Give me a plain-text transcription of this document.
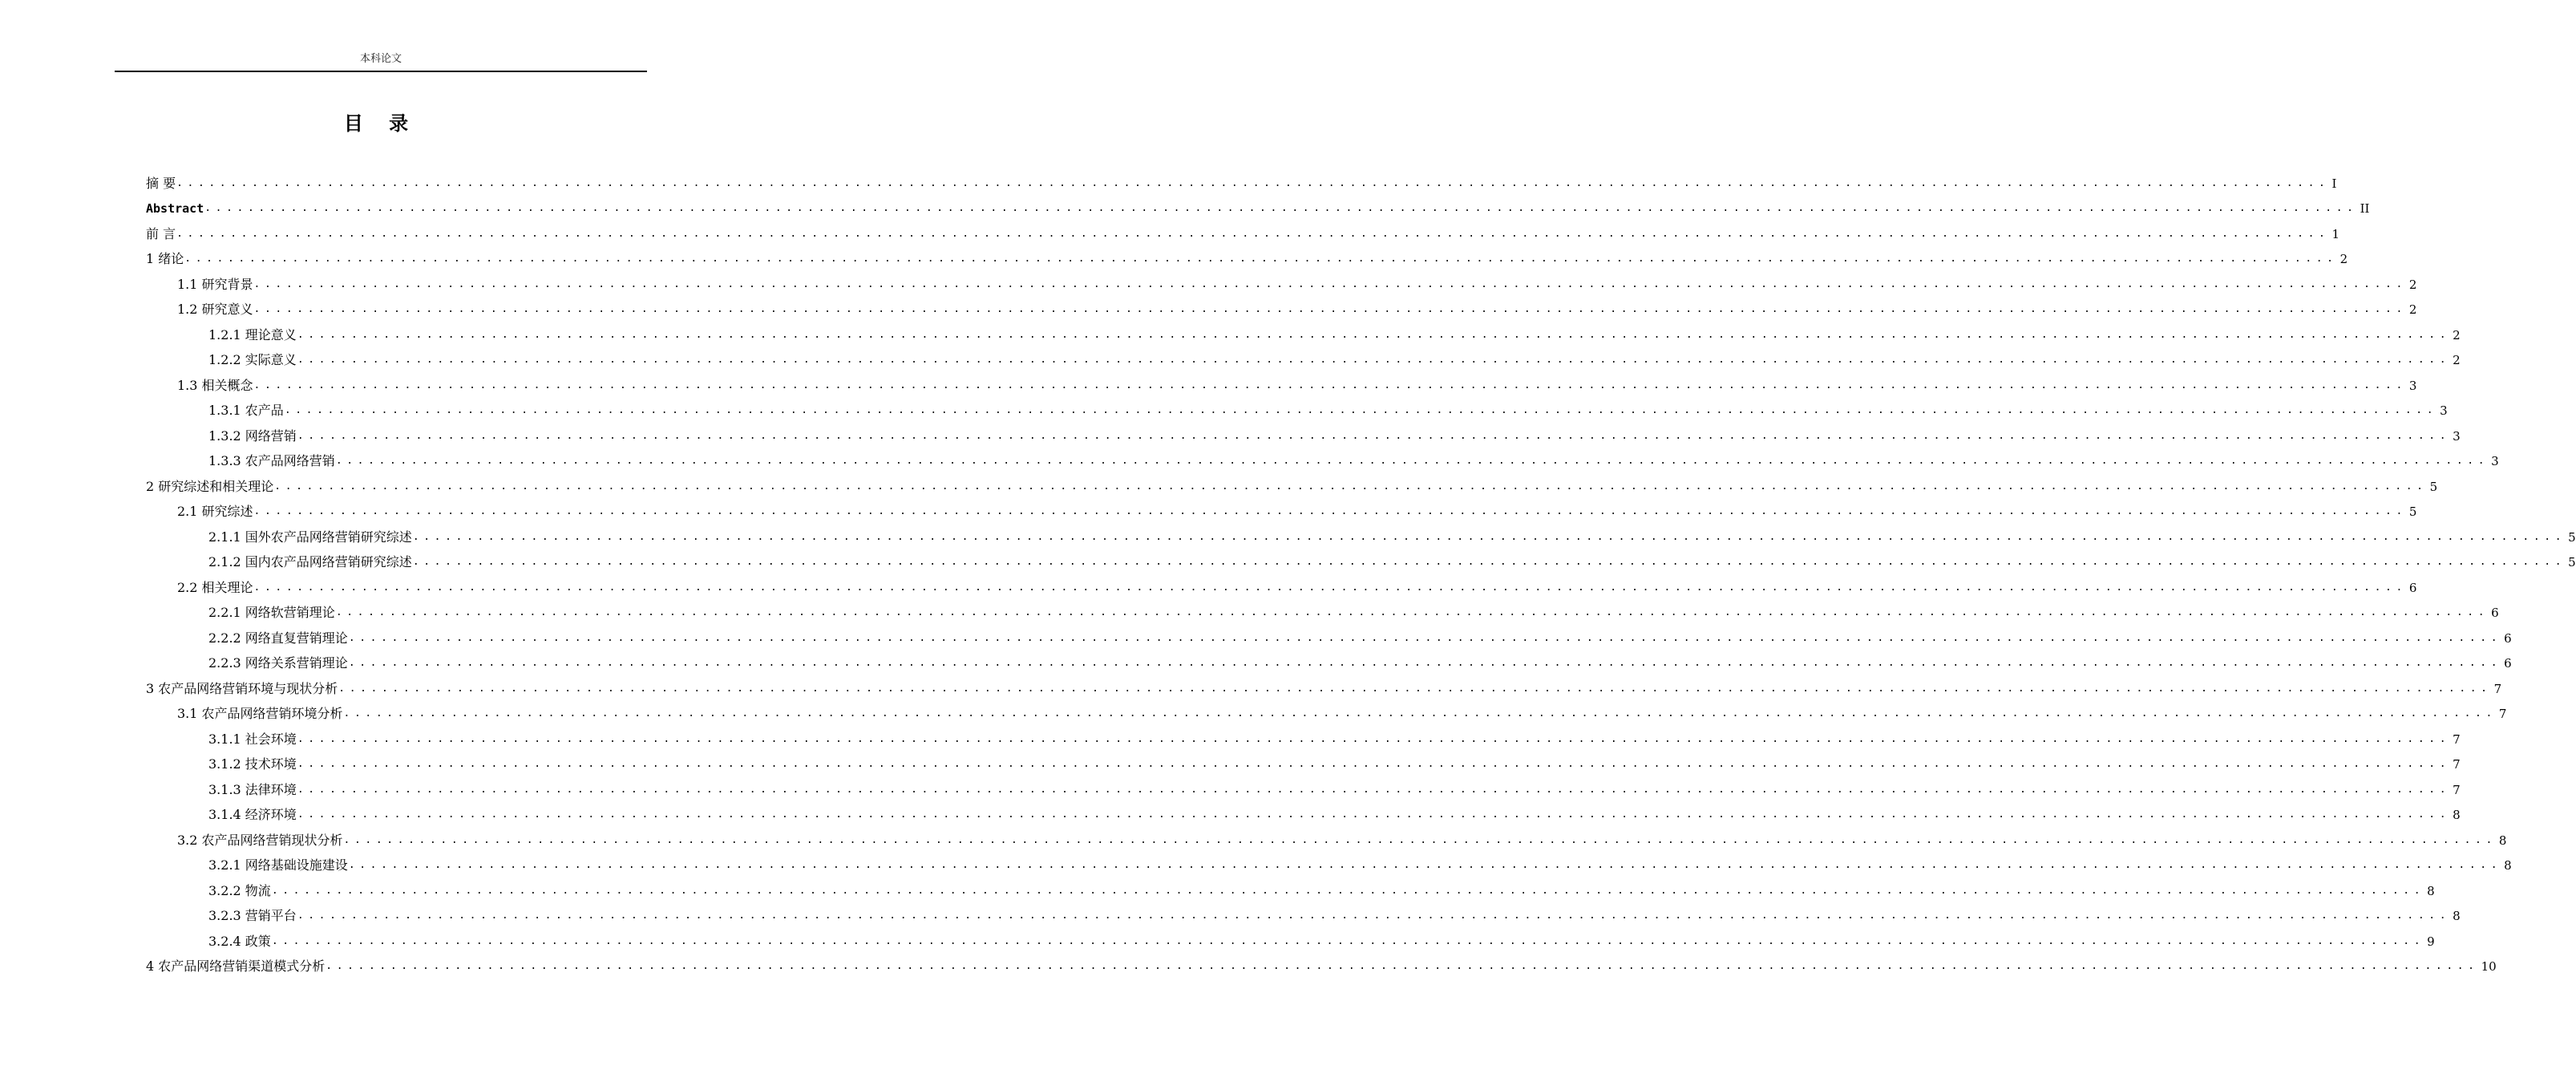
本科论文
目 录
摘 要 ........................................................................................................................................................................................................ I
Abstract ........................................................................................................................................................................................................ II
前 言 ........................................................................................................................................................................................................ 1
1 绪论 ........................................................................................................................................................................................................ 2
1.1 研究背景 ........................................................................................................................................................................................................ 2
1.2 研究意义 ........................................................................................................................................................................................................ 2
1.2.1 理论意义 ........................................................................................................................................................................................................ 2
1.2.2 实际意义 ........................................................................................................................................................................................................ 2
1.3 相关概念 ........................................................................................................................................................................................................ 3
1.3.1 农产品 ........................................................................................................................................................................................................ 3
1.3.2 网络营销 ........................................................................................................................................................................................................ 3
1.3.3 农产品网络营销 ........................................................................................................................................................................................................ 3
2 研究综述和相关理论 ........................................................................................................................................................................................................ 5
2.1 研究综述 ........................................................................................................................................................................................................ 5
2.1.1 国外农产品网络营销研究综述 ........................................................................................................................................................................................................ 5
2.1.2 国内农产品网络营销研究综述 ........................................................................................................................................................................................................ 5
2.2 相关理论 ........................................................................................................................................................................................................ 6
2.2.1 网络软营销理论 ........................................................................................................................................................................................................ 6
2.2.2 网络直复营销理论 ........................................................................................................................................................................................................ 6
2.2.3 网络关系营销理论 ........................................................................................................................................................................................................ 6
3 农产品网络营销环境与现状分析 ........................................................................................................................................................................................................ 7
3.1 农产品网络营销环境分析 ........................................................................................................................................................................................................ 7
3.1.1 社会环境 ........................................................................................................................................................................................................ 7
3.1.2 技术环境 ........................................................................................................................................................................................................ 7
3.1.3 法律环境 ........................................................................................................................................................................................................ 7
3.1.4 经济环境 ........................................................................................................................................................................................................ 8
3.2 农产品网络营销现状分析 ........................................................................................................................................................................................................ 8
3.2.1 网络基础设施建设 ........................................................................................................................................................................................................ 8
3.2.2 物流 ........................................................................................................................................................................................................ 8
3.2.3 营销平台 ........................................................................................................................................................................................................ 8
3.2.4 政策 ........................................................................................................................................................................................................ 9
4 农产品网络营销渠道模式分析 ........................................................................................................................................................................................................ 10
